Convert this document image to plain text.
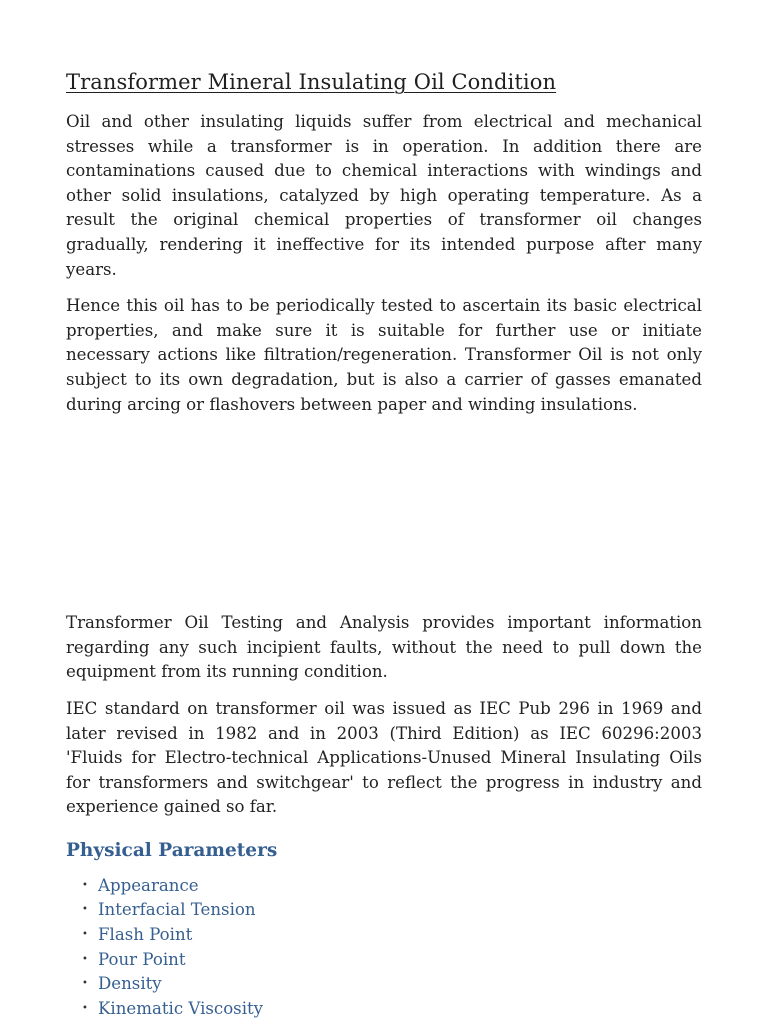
Transformer Mineral Insulating Oil Condition

Oil and other insulating liquids suffer from electrical and mechanical stresses while a transformer is in operation. In addition there are contaminations caused due to chemical interactions with windings and other solid insulations, catalyzed by high operating temperature. As a result the original chemical properties of transformer oil changes gradually, rendering it ineffective for its intended purpose after many years.

Hence this oil has to be periodically tested to ascertain its basic electrical properties, and make sure it is suitable for further use or initiate necessary actions like filtration/regeneration. Transformer Oil is not only subject to its own degradation, but is also a carrier of gasses emanated during arcing or flashovers between paper and winding insulations.

Transformer Oil Testing and Analysis provides important information regarding any such incipient faults, without the need to pull down the equipment from its running condition.

IEC standard on transformer oil was issued as IEC Pub 296 in 1969 and later revised in 1982 and in 2003 (Third Edition) as IEC 60296:2003 'Fluids for Electro-technical Applications-Unused Mineral Insulating Oils for transformers and switchgear' to reflect the progress in industry and experience gained so far.

Physical Parameters
• Appearance
• Interfacial Tension
• Flash Point
• Pour Point
• Density
• Kinematic Viscosity
